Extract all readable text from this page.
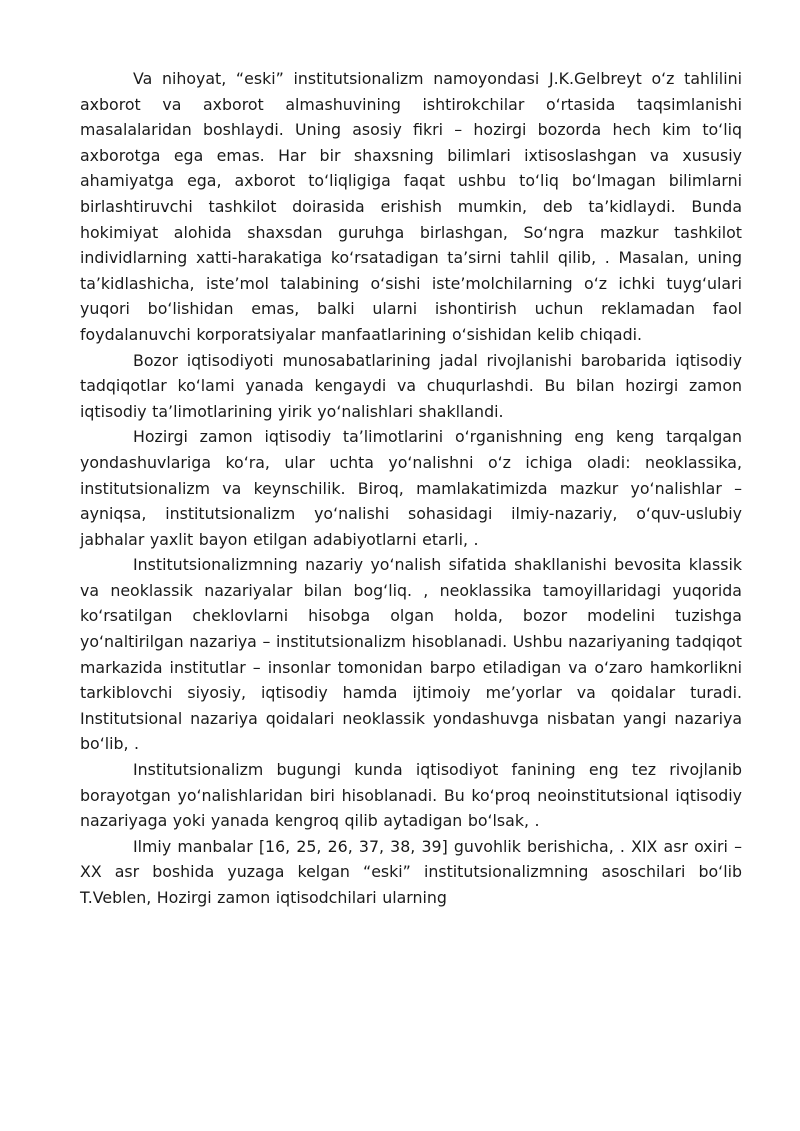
Va nihoyat, “eski” institutsionalizm namoyondasi J.K.Gelbreyt o‘z tahlilini axborot va axborot almashuvining ishtirokchilar o‘rtasida taqsimlanishi masalalaridan boshlaydi. Uning asosiy fikri – hozirgi bozorda hech kim to‘liq axborotga ega emas. Har bir shaxsning bilimlari ixtisoslashgan va xususiy ahamiyatga ega, axborot to‘liqligiga faqat ushbu to‘liq bo‘lmagan bilimlarni birlashtiruvchi tashkilot doirasida erishish mumkin, deb ta’kidlaydi. Bunda hokimiyat alohida shaxsdan guruhga birlashgan, So‘ngra mazkur tashkilot individlarning xatti-harakatiga ko‘rsatadigan ta’sirni tahlil qilib, . Masalan, uning ta’kidlashicha, iste’mol talabining o‘sishi iste’molchilarning o‘z ichki tuyg‘ulari yuqori bo‘lishidan emas, balki ularni ishontirish uchun reklamadan faol foydalanuvchi korporatsiyalar manfaatlarining o‘sishidan kelib chiqadi.

Bozor iqtisodiyoti munosabatlarining jadal rivojlanishi barobarida iqtisodiy tadqiqotlar ko‘lami yanada kengaydi va chuqurlashdi. Bu bilan hozirgi zamon iqtisodiy ta’limotlarining yirik yo‘nalishlari shakllandi.

Hozirgi zamon iqtisodiy ta’limotlarini o‘rganishning eng keng tarqalgan yondashuvlariga ko‘ra, ular uchta yo‘nalishni o‘z ichiga oladi: neoklassika, institutsionalizm va keynschilik. Biroq, mamlakatimizda mazkur yo‘nalishlar – ayniqsa, institutsionalizm yo‘nalishi sohasidagi ilmiy-nazariy, o‘quv-uslubiy jabhalar yaxlit bayon etilgan adabiyotlarni etarli, .

Institutsionalizmning nazariy yo‘nalish sifatida shakllanishi bevosita klassik va neoklassik nazariyalar bilan bog‘liq. , neoklassika tamoyillaridagi yuqorida ko‘rsatilgan cheklovlarni hisobga olgan holda, bozor modelini tuzishga yo‘naltirilgan nazariya – institutsionalizm hisoblanadi. Ushbu nazariyaning tadqiqot markazida institutlar – insonlar tomonidan barpo etiladigan va o‘zaro hamkorlikni tarkiblovchi siyosiy, iqtisodiy hamda ijtimoiy me’yorlar va qoidalar turadi. Institutsional nazariya qoidalari neoklassik yondashuvga nisbatan yangi nazariya bo‘lib, .

Institutsionalizm bugungi kunda iqtisodiyot fanining eng tez rivojlanib borayotgan yo‘nalishlaridan biri hisoblanadi. Bu ko‘proq neoinstitutsional iqtisodiy nazariyaga yoki yanada kengroq qilib aytadigan bo‘lsak, .

Ilmiy manbalar [16, 25, 26, 37, 38, 39] guvohlik berishicha, . XIX asr oxiri – XX asr boshida yuzaga kelgan “eski” institutsionalizmning asoschilari bo‘lib T.Veblen, Hozirgi zamon iqtisodchilari ularning
